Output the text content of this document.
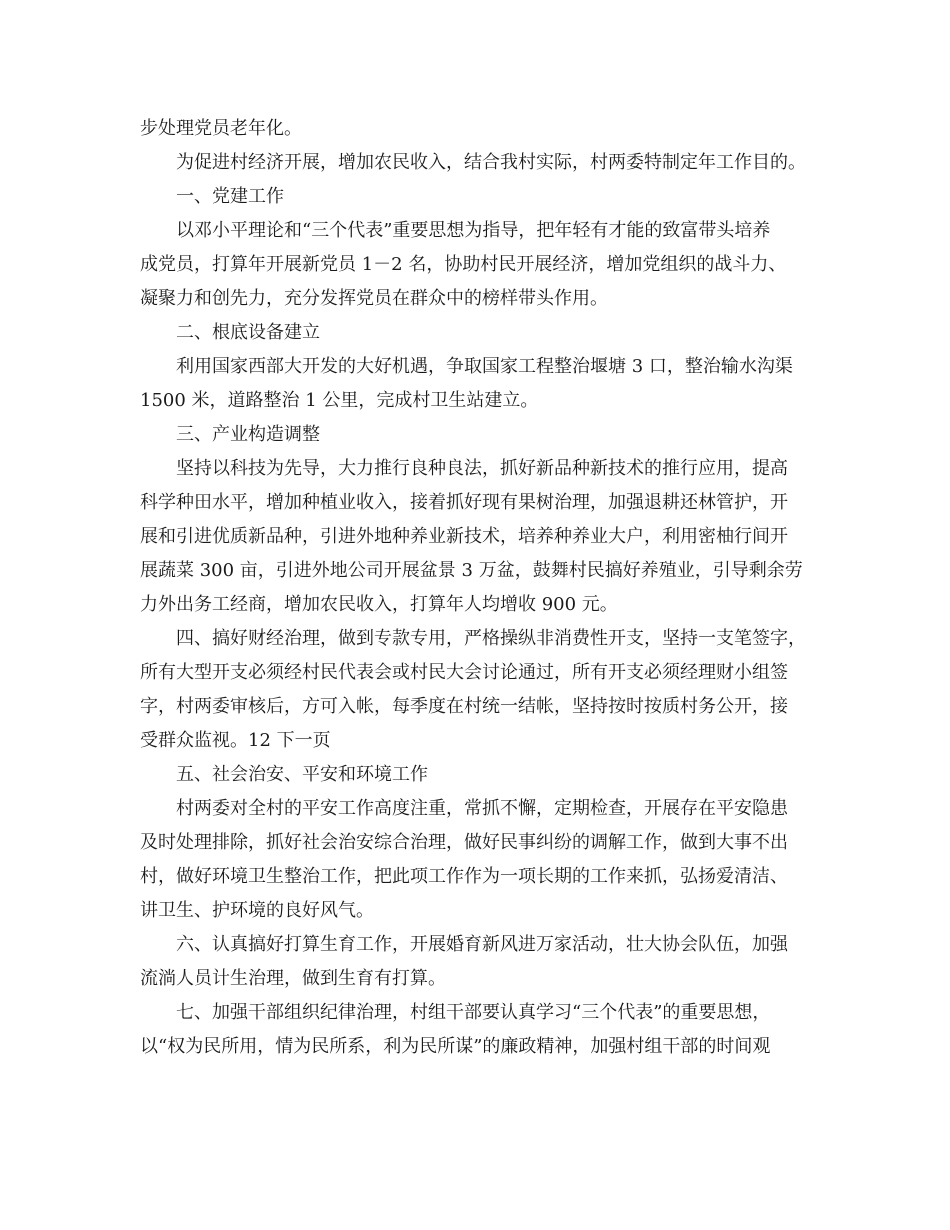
步处理党员老年化。
为促进村经济开展，增加农民收入，结合我村实际，村两委特制定年工作目的。
一、党建工作
以邓小平理论和“三个代表”重要思想为指导，把年轻有才能的致富带头培养
成党员，打算年开展新党员 1－2 名，协助村民开展经济，增加党组织的战斗力、
凝聚力和创先力，充分发挥党员在群众中的榜样带头作用。
二、根底设备建立
利用国家西部大开发的大好机遇，争取国家工程整治堰塘 3 口，整治输水沟渠
1500 米，道路整治 1 公里，完成村卫生站建立。
三、产业构造调整
坚持以科技为先导，大力推行良种良法，抓好新品种新技术的推行应用，提高
科学种田水平，增加种植业收入，接着抓好现有果树治理，加强退耕还林管护，开
展和引进优质新品种，引进外地种养业新技术，培养种养业大户，利用密柚行间开
展蔬菜 300 亩，引进外地公司开展盆景 3 万盆，鼓舞村民搞好养殖业，引导剩余劳
力外出务工经商，增加农民收入，打算年人均增收 900 元。
四、搞好财经治理，做到专款专用，严格操纵非消费性开支，坚持一支笔签字，
所有大型开支必须经村民代表会或村民大会讨论通过，所有开支必须经理财小组签
字，村两委审核后，方可入帐，每季度在村统一结帐，坚持按时按质村务公开，接
受群众监视。12 下一页
五、社会治安、平安和环境工作
村两委对全村的平安工作高度注重，常抓不懈，定期检查，开展存在平安隐患
及时处理排除，抓好社会治安综合治理，做好民事纠纷的调解工作，做到大事不出
村，做好环境卫生整治工作，把此项工作作为一项长期的工作来抓，弘扬爱清洁、
讲卫生、护环境的良好风气。
六、认真搞好打算生育工作，开展婚育新风进万家活动，壮大协会队伍，加强
流淌人员计生治理，做到生育有打算。
七、加强干部组织纪律治理，村组干部要认真学习“三个代表”的重要思想，
以“权为民所用，情为民所系，利为民所谋”的廉政精神，加强村组干部的时间观
